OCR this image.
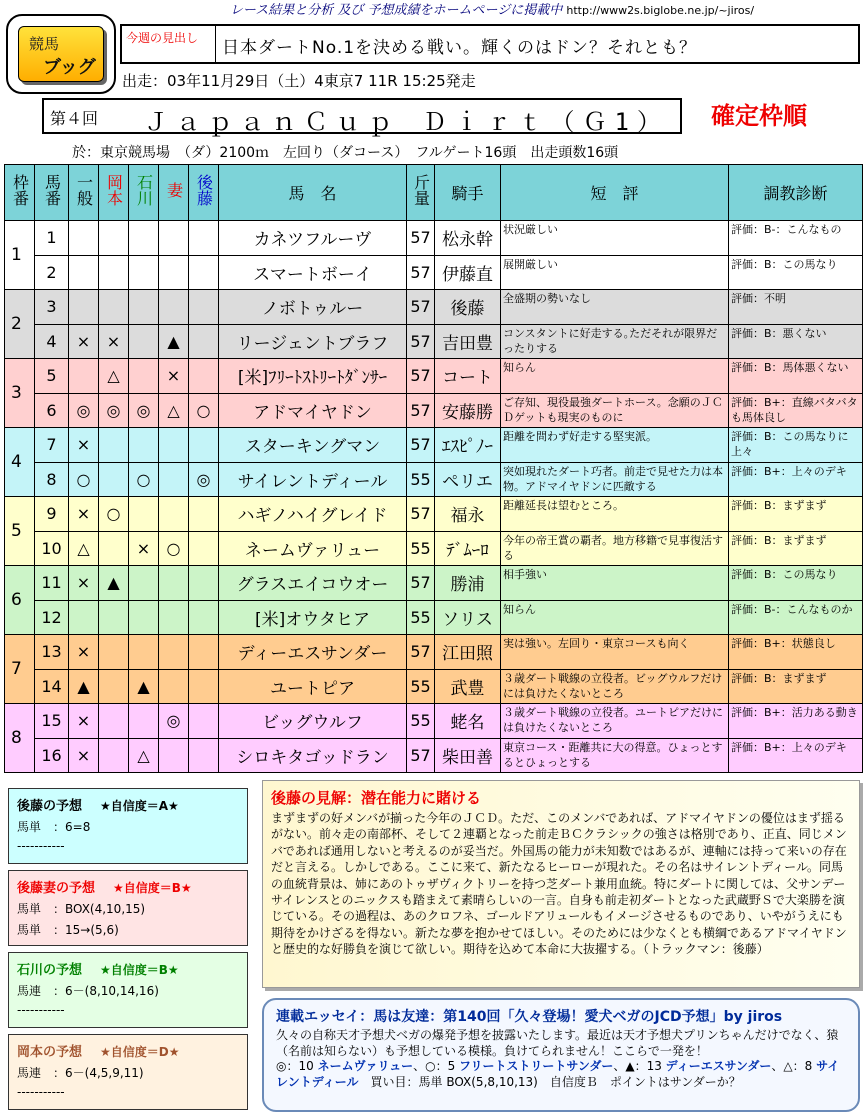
競馬
ブッグ
レース結果と分析 及び 予想成績をホームページに掲載中 http://www2s.biglobe.ne.jp/~jiros/
今週の見出し	日本ダートNo.1を決める戦い。輝くのはドン？それとも？
出走：03年11月29日（土）4東京7 11R 15:25発走
第４回 ＪａｐａｎＣｕｐ Ｄｉｒｔ（Ｇ1）	確定枠順
於：東京競馬場　（ダ）2100ｍ　左回り（ダコース）　フルゲート16頭　出走頭数16頭
枠番	馬番	一般	岡本	石川	妻	後藤	馬　名	斤量	騎手	短　評	調教診断
1	1						カネツフルーヴ	57	松永幹	状況厳しい	評価：B-：こんなもの
	2						スマートボーイ	57	伊藤直	展開厳しい	評価：B：この馬なり
2	3						ノボトゥルー	57	後藤	全盛期の勢いなし	評価：不明
	4	×	×		▲		リージェントブラフ	57	吉田豊	コンスタントに好走する｡ただそれが限界だったりする	評価：B：悪くない
3	5		△		×		[米]ﾌﾘｰﾄｽﾄﾘｰﾄﾀﾞﾝｻｰ	57	コート	知らん	評価：B：馬体悪くない
	6	◎	◎	◎	△	○	アドマイヤドン	57	安藤勝	ご存知、現役最強ダートホース。念願のＪＣＤゲットも現実のものに	評価：B+：直線バタバタも馬体良し
4	7	×					スターキングマン	57	ｴｽﾋﾟﾉｰ	距離を問わず好走する堅実派。	評価：B：この馬なりに上々
	8	○		○		◎	サイレントディール	55	ペリエ	突如現れたダート巧者。前走で見せた力は本物。アドマイヤドンに匹敵する	評価：B+：上々のデキ
5	9	×	○				ハギノハイグレイド	57	福永	距離延長は望むところ。	評価：B：まずまず
	10	△		×	○		ネームヴァリュー	55	ﾃﾞﾑｰﾛ	今年の帝王賞の覇者。地方移籍で見事復活する	評価：B：まずまず
6	11	×	▲				グラスエイコウオー	57	勝浦	相手強い	評価：B：この馬なり
	12						[米]オウタヒア	55	ソリス	知らん	評価：B-：こんなものか
7	13	×					ディーエスサンダー	57	江田照	実は強い。左回り・東京コースも向く	評価：B+：状態良し
	14	▲		▲			ユートピア	55	武豊	３歳ダート戦線の立役者。ビッグウルフだけには負けたくないところ	評価：B：まずまず
8	15	×			◎		ビッグウルフ	55	蛯名	３歳ダート戦線の立役者。ユートピアだけには負けたくないところ	評価：B+：活力ある動き
	16	×		△			シロキタゴッドラン	57	柴田善	東京コース・距離共に大の得意。ひょっとするとひょっとする	評価：B+：上々のデキ
後藤の予想 ★自信度＝A★
馬単　：6=8
-----------
後藤妻の予想 ★自信度＝B★
馬単　：BOX(4,10,15)
馬単　：15→(5,6)
石川の予想 ★自信度＝B★
馬連　：6－(8,10,14,16)
-----------
岡本の予想 ★自信度＝D★
馬連　：6－(4,5,9,11)
-----------
後藤の見解：潜在能力に賭ける
まずまずの好メンバが揃った今年のＪＣＤ。ただ、このメンバであれば、アドマイヤドンの優位はまず揺るがない。前々走の南部杯、そして２連覇となった前走ＢＣクラシックの強さは格別であり、正直、同じメンバであれば通用しないと考えるのが妥当だ。外国馬の能力が未知数ではあるが、連軸には持って来いの存在だと言える。しかしである。ここに来て、新たなるヒーローが現れた。その名はサイレントディール。同馬の血統背景は、姉にあのトゥザヴィクトリーを持つ芝ダート兼用血統。特にダートに関しては、父サンデーサイレンスとのニックスも踏まえて素晴らしいの一言。自身も前走初ダートとなった武蔵野Ｓで大楽勝を演じている。その過程は、あのクロフネ、ゴールドアリュールもイメージさせるものであり、いやがうえにも期待をかけざるを得ない。新たな夢を抱かせてほしい。そのためには少なくとも横綱であるアドマイヤドンと歴史的な好勝負を演じて欲しい。期待を込めて本命に大抜擢する。（トラックマン：後藤）
連載エッセイ：馬は友達：第140回「久々登場！愛犬ベガのJCD予想」by jiros
久々の自称天才予想犬ベガの爆発予想を披露いたします。最近は天才予想犬プリンちゃんだけでなく、猿（名前は知らない）も予想している模様。負けてられません！ここらで一発を！
◎：10 ネームヴァリュー、○：5 フリートストリートサンダー、▲：13 ディーエスサンダー、△：8 サイレントディール　買い目：馬単 BOX(5,8,10,13)　自信度Ｂ　ポイントはサンダーか？
